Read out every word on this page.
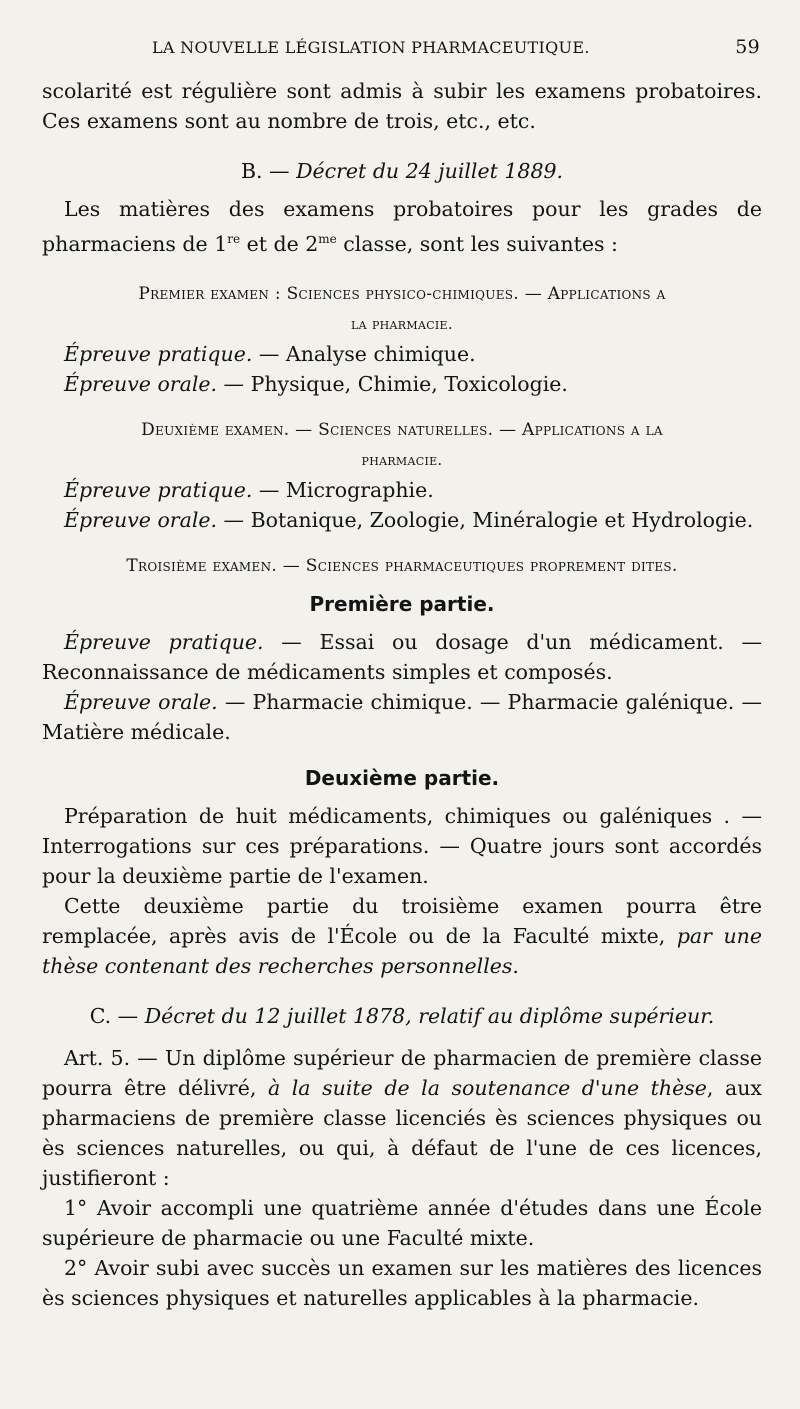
LA NOUVELLE LÉGISLATION PHARMACEUTIQUE.	59

scolarité est régulière sont admis à subir les examens probatoires. Ces examens sont au nombre de trois, etc., etc.

B. — Décret du 24 juillet 1889.

Les matières des examens probatoires pour les grades de pharmaciens de 1re et de $2^{me}$ classe, sont les suivantes :

Premier examen : Sciences physico-chimiques. — Applications a

la pharmacie.

Épreuve pratique. — Analyse chimique.

Épreuve orale. — Physique, Chimie, Toxicologie.

Deuxième examen. — Sciences naturelles. — Applications a la

pharmacie.

Épreuve pratique. — Micrographie.

Épreuve orale. — Botanique, Zoologie, Minéralogie et Hydrologie.

Troisième examen. — Sciences pharmaceutiques proprement dites.

Première partie.

Épreuve pratique. — Essai ou dosage d'un médicament. — Reconnaissance de médicaments simples et composés.

Épreuve orale. — Pharmacie chimique. — Pharmacie galénique. — Matière médicale.

Deuxième partie.

Préparation de huit médicaments, chimiques ou galéniques . — Interrogations sur ces préparations. — Quatre jours sont accordés pour la deuxième partie de l'examen.

Cette deuxième partie du troisième examen pourra être remplacée, après avis de l'École ou de la Faculté mixte, par une thèse contenant des recherches personnelles.

C. — Décret du 12 juillet 1878, relatif au diplôme supérieur.

Art. 5. — Un diplôme supérieur de pharmacien de première classe pourra être délivré, à la suite de la soutenance d'une thèse, aux pharmaciens de première classe licenciés ès sciences physiques ou ès sciences naturelles, ou qui, à défaut de l'une de ces licences, justifieront :

1° Avoir accompli une quatrième année d'études dans une École supérieure de pharmacie ou une Faculté mixte.

2° Avoir subi avec succès un examen sur les matières des licences ès sciences physiques et naturelles applicables à la pharmacie.
